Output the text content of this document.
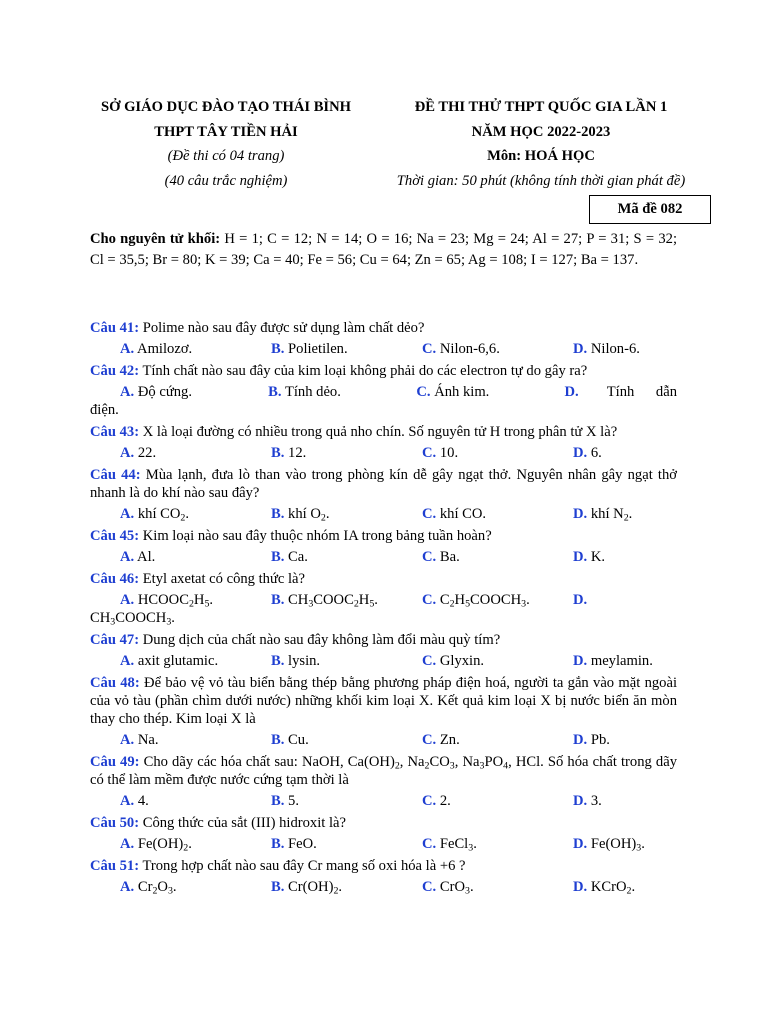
SỞ GIÁO DỤC ĐÀO TẠO THÁI BÌNH
THPT TÂY TIỀN HẢI
(Đề thi có 04 trang)
(40 câu trắc nghiệm)
ĐỀ THI THỬ THPT QUỐC GIA LẦN 1
NĂM HỌC 2022-2023
Môn: HOÁ HỌC
Thời gian: 50 phút (không tính thời gian phát đề)
Mã đề 082
Cho nguyên tử khối: H = 1; C = 12; N = 14; O = 16; Na = 23; Mg = 24; Al = 27; P = 31; S = 32; Cl = 35,5; Br = 80; K = 39; Ca = 40; Fe = 56; Cu = 64; Zn = 65; Ag = 108; I = 127; Ba = 137.
Câu 41: Polime nào sau đây được sử dụng làm chất dẻo?
A. Amilozơ.	B. Polietilen.	C. Nilon-6,6.	D. Nilon-6.
Câu 42: Tính chất nào sau đây của kim loại không phải do các electron tự do gây ra?
A. Độ cứng.	B. Tính dẻo.	C. Ánh kim.	D. Tính dẫn
điện.
Câu 43: X là loại đường có nhiều trong quả nho chín. Số nguyên tử H trong phân tử X là?
A. 22.	B. 12.	C. 10.	D. 6.
Câu 44: Mùa lạnh, đưa lò than vào trong phòng kín dễ gây ngạt thở. Nguyên nhân gây ngạt thở nhanh là do khí nào sau đây?
A. khí $CO_2$.	B. khí $O_2$.	C. khí CO.	D. khí $N_2$.
Câu 45: Kim loại nào sau đây thuộc nhóm IA trong bảng tuần hoàn?
A. Al.	B. Ca.	C. Ba.	D. K.
Câu 46: Etyl axetat có công thức là?
A. $HCOOC_2H_5$.	B. $CH_3COOC_2H_5$.	C. $C_2H_5COOCH_3$.	D.
$CH_3COOCH_3$.
Câu 47: Dung dịch của chất nào sau đây không làm đổi màu quỳ tím?
A. axit glutamic.	B. lysin.	C. Glyxin.	D. meylamin.
Câu 48: Để bảo vệ vỏ tàu biển bằng thép bằng phương pháp điện hoá, người ta gắn vào mặt ngoài của vỏ tàu (phần chìm dưới nước) những khối kim loại X. Kết quả kim loại X bị nước biển ăn mòn thay cho thép. Kim loại X là
A. Na.	B. Cu.	C. Zn.	D. Pb.
Câu 49: Cho dãy các hóa chất sau: NaOH, $Ca(OH)_2$, $Na_2CO_3$, $Na_3PO_4$, HCl. Số hóa chất trong dãy có thể làm mềm được nước cứng tạm thời là
A. 4.	B. 5.	C. 2.	D. 3.
Câu 50: Công thức của sắt (III) hidroxit là?
A. $Fe(OH)_2$.	B. FeO.	C. FeCl$_3$.	D. $Fe(OH)_3$.
Câu 51: Trong hợp chất nào sau đây Cr mang số oxi hóa là +6 ?
A. $Cr_2O_3$.	B. $Cr(OH)_2$.	C. CrO$_3$.	D. KCrO$_2$.
